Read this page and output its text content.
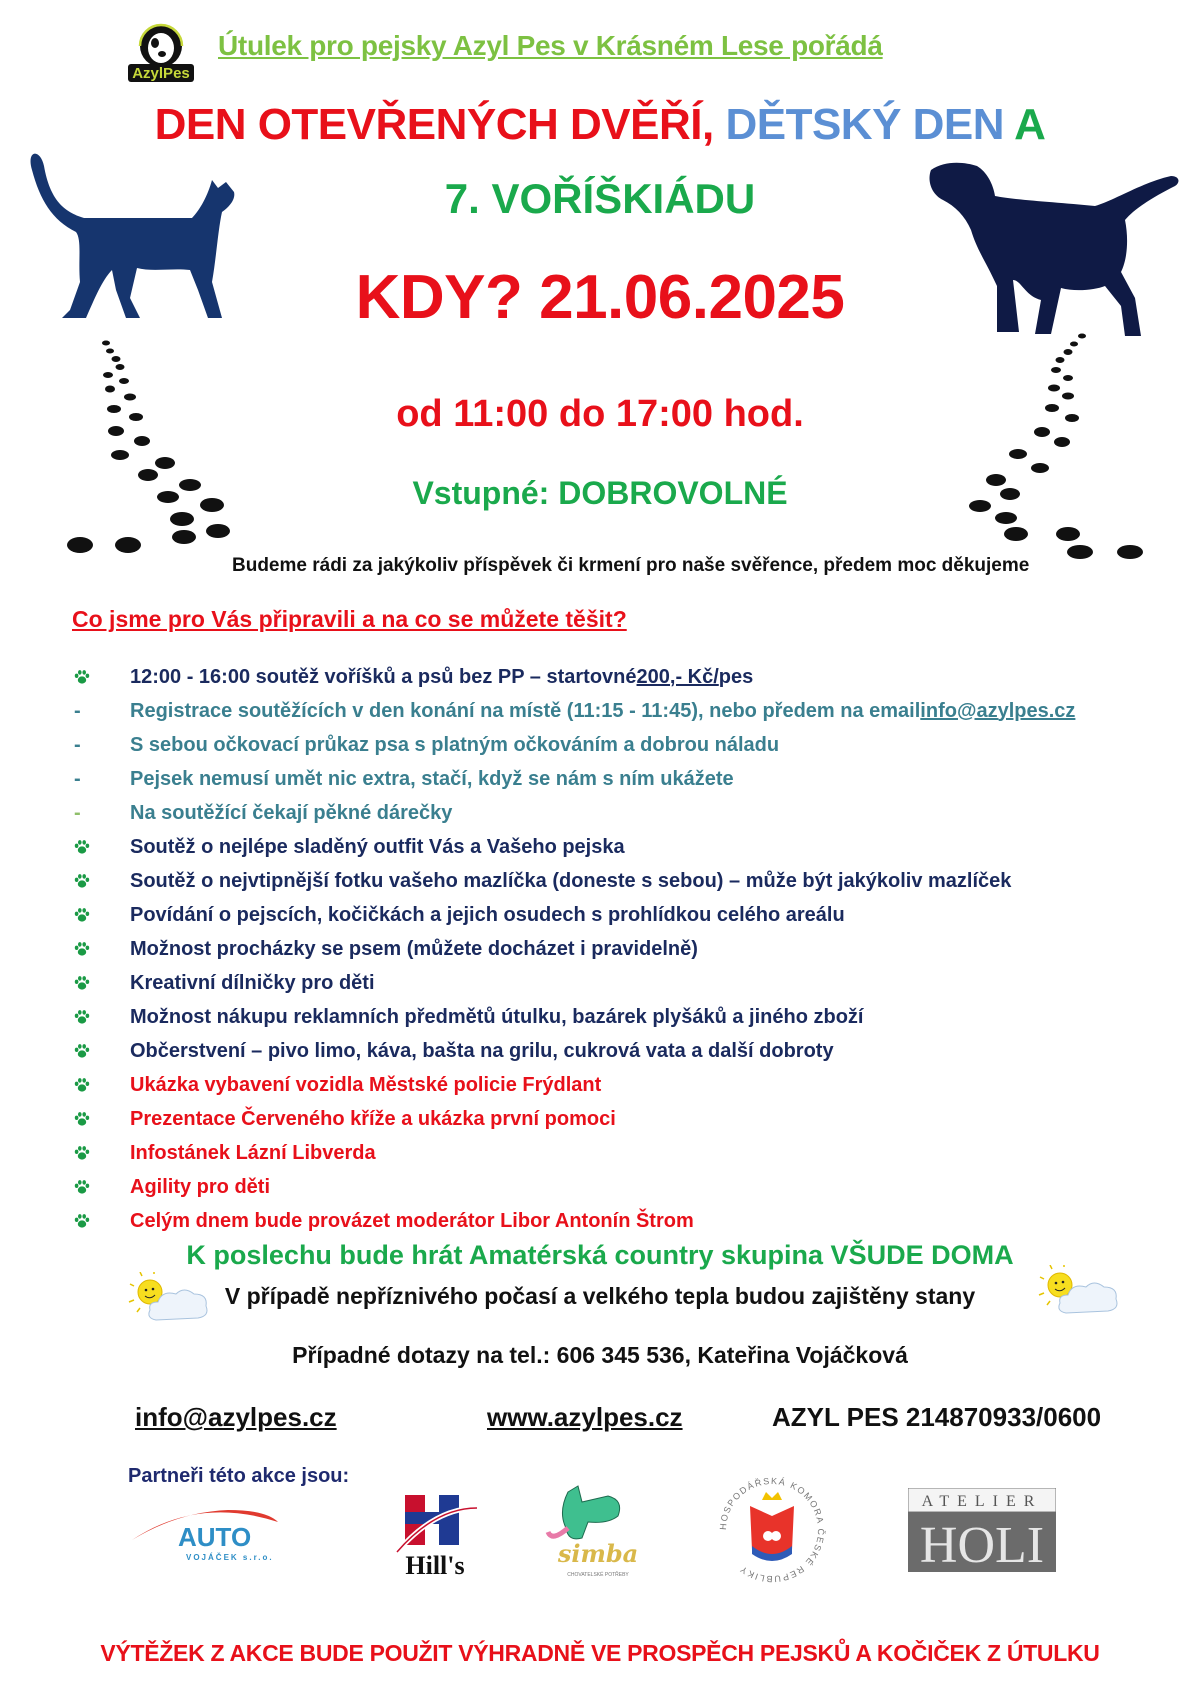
AzylPes
Útulek pro pejsky Azyl Pes v Krásném Lese pořádá
DEN OTEVŘENÝCH DVĚŘÍ, DĚTSKÝ DEN A
7. VOŘÍŠKIÁDU
KDY? 21.06.2025
od 11:00 do 17:00 hod.
Vstupné: DOBROVOLNÉ
Budeme rádi za jakýkoliv příspěvek či krmení pro naše svěřence, předem moc děkujeme
Co jsme pro Vás připravili a na co se můžete těšit?
12:00 - 16:00 soutěž voříšků a psů bez PP – startovné 200,- Kč/ pes
- Registrace soutěžících v den konání na místě (11:15 - 11:45), nebo předem na email info@azylpes.cz
- S sebou očkovací průkaz psa s platným očkováním a dobrou náladu
- Pejsek nemusí umět nic extra, stačí, když se nám s ním ukážete
- Na soutěžící čekají pěkné dárečky
Soutěž o nejlépe sladěný outfit Vás a Vašeho pejska
Soutěž o nejvtipnější fotku vašeho mazlíčka (doneste s sebou) – může být jakýkoliv mazlíček
Povídání o pejscích, kočičkách a jejich osudech s prohlídkou celého areálu
Možnost procházky se psem (můžete docházet i pravidelně)
Kreativní dílničky pro děti
Možnost nákupu reklamních předmětů útulku, bazárek plyšáků a jiného zboží
Občerstvení – pivo limo, káva, bašta na grilu, cukrová vata a další dobroty
Ukázka vybavení vozidla Městské policie Frýdlant
Prezentace Červeného kříže a ukázka první pomoci
Infostánek Lázní Libverda
Agility pro děti
Celým dnem bude provázet moderátor Libor Antonín Štrom
K poslechu bude hrát Amatérská country skupina VŠUDE DOMA
V případě nepříznivého počasí a velkého tepla budou zajištěny stany
Případné dotazy na tel.: 606 345 536, Kateřina Vojáčková
info@azylpes.cz	www.azylpes.cz	AZYL PES 214870933/0600
Partneři této akce jsou:
AUTO
VOJÁČEK s.r.o.	Hill's	simba
CHOVATELSKÉ POTŘEBY
HOSPODÁŘSKÁ KOMORA ČESKÉ REPUBLIKY
ATELIER
HOLI
VÝTĚŽEK Z AKCE BUDE POUŽIT VÝHRADNĚ VE PROSPĚCH PEJSKŮ A KOČIČEK Z ÚTULKU
